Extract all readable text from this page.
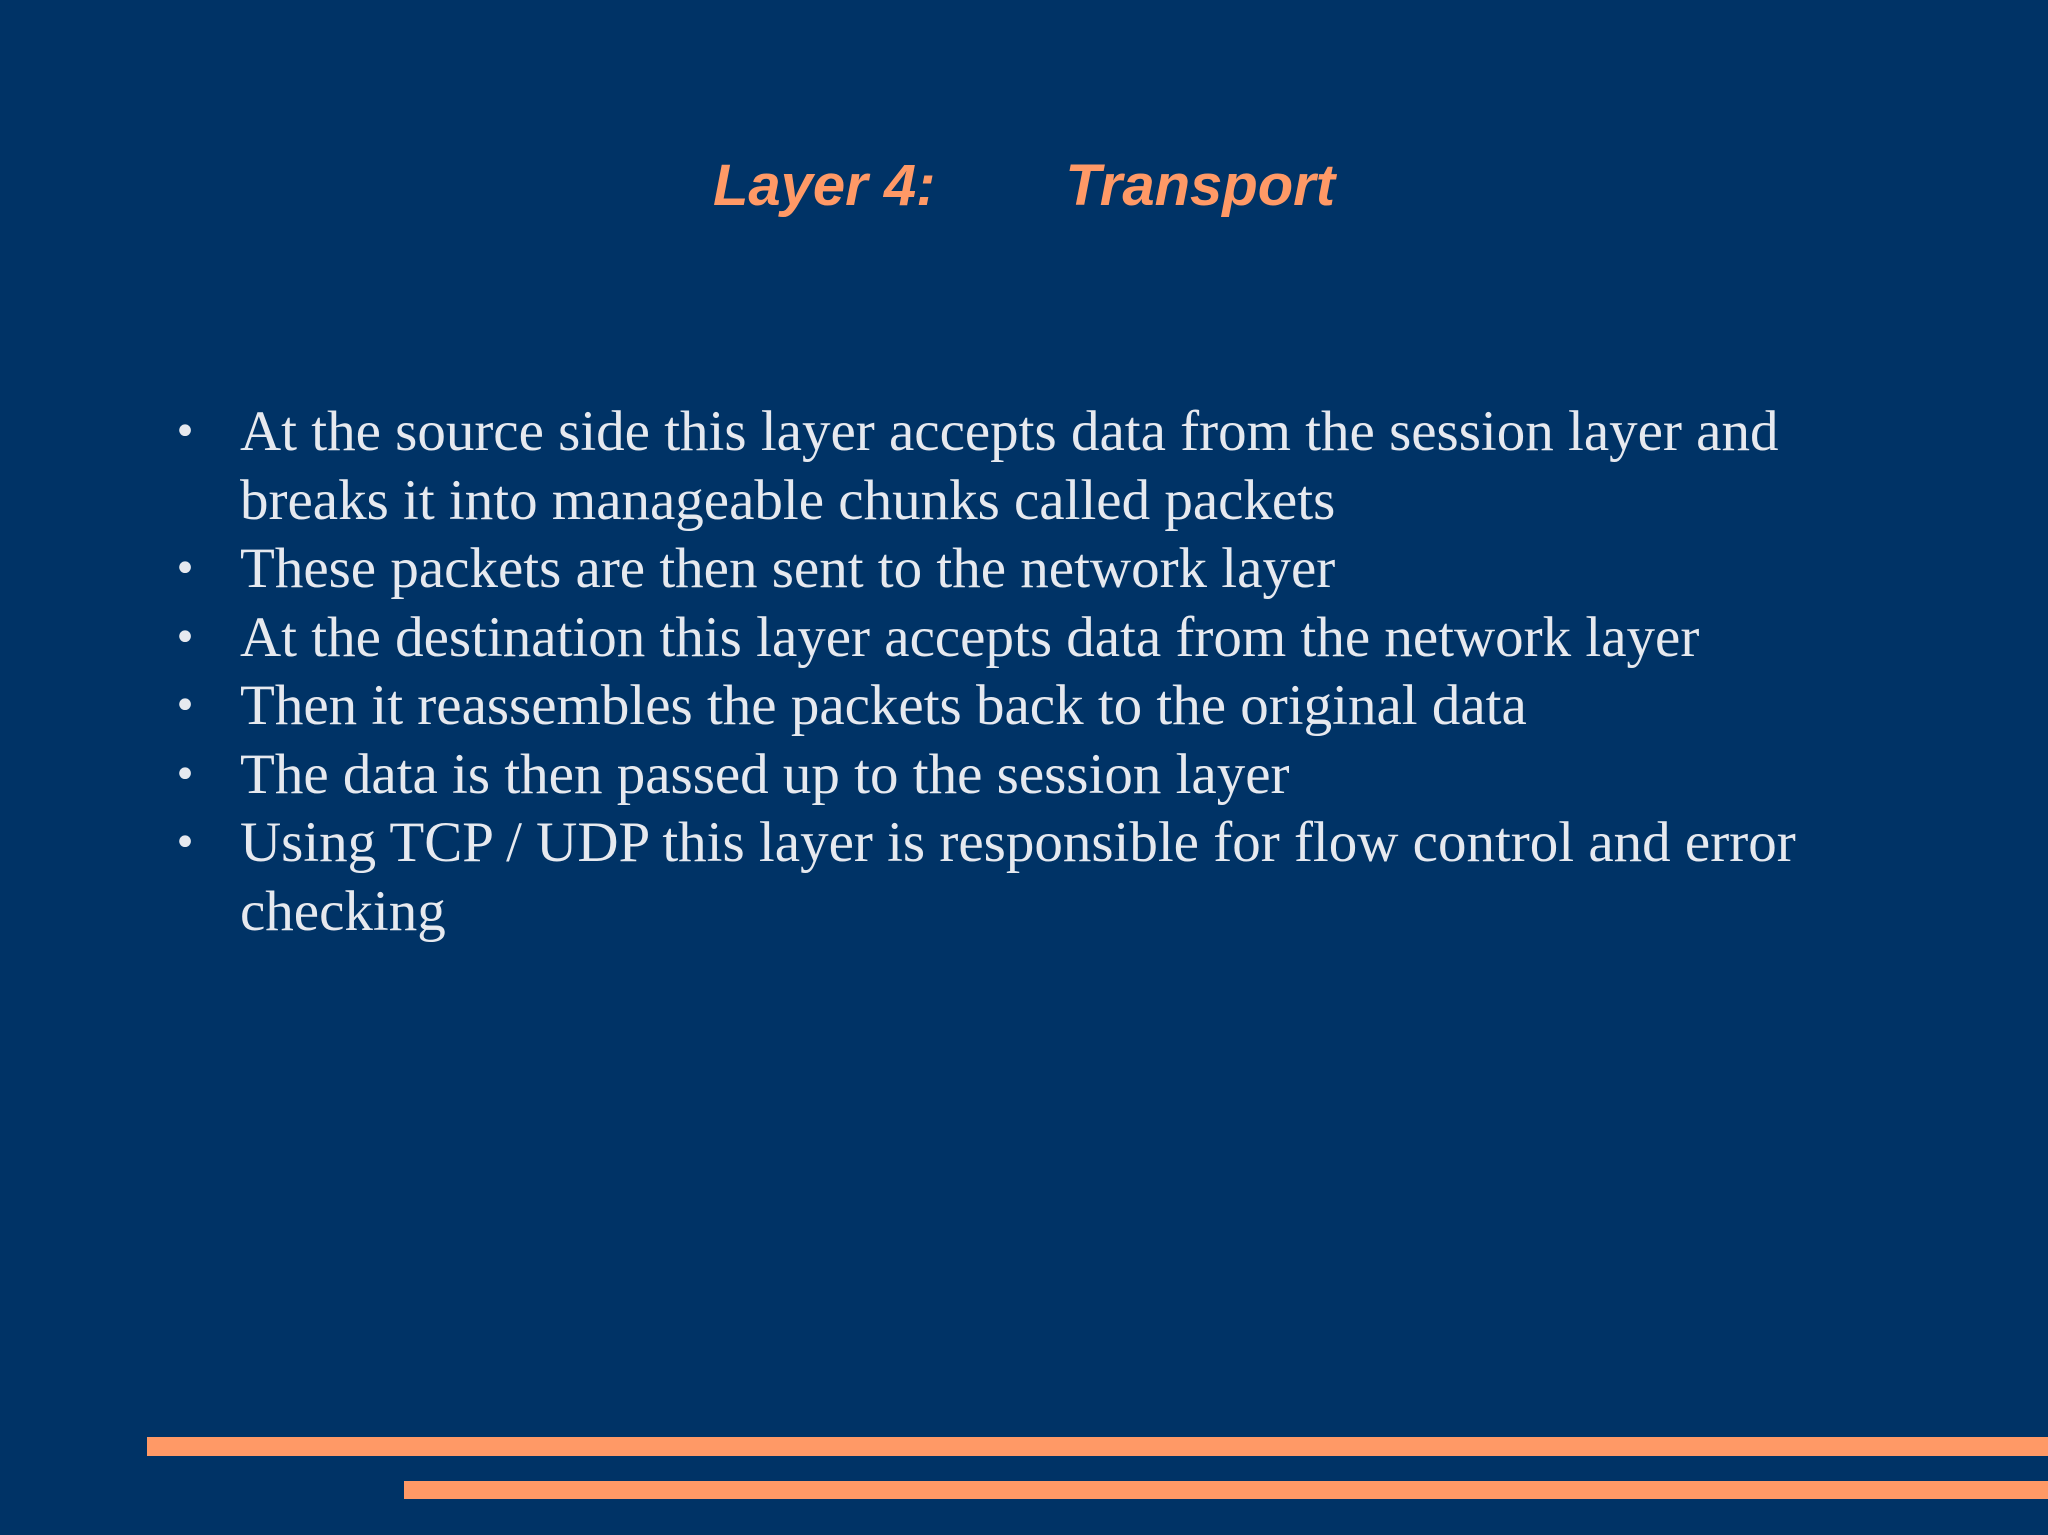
Layer 4: Transport
• At the source side this layer accepts data from the session layer and breaks it into manageable chunks called packets
• These packets are then sent to the network layer
• At the destination this layer accepts data from the network layer
• Then it reassembles the packets back to the original data
• The data is then passed up to the session layer
• Using TCP / UDP this layer is responsible for flow control and error checking
